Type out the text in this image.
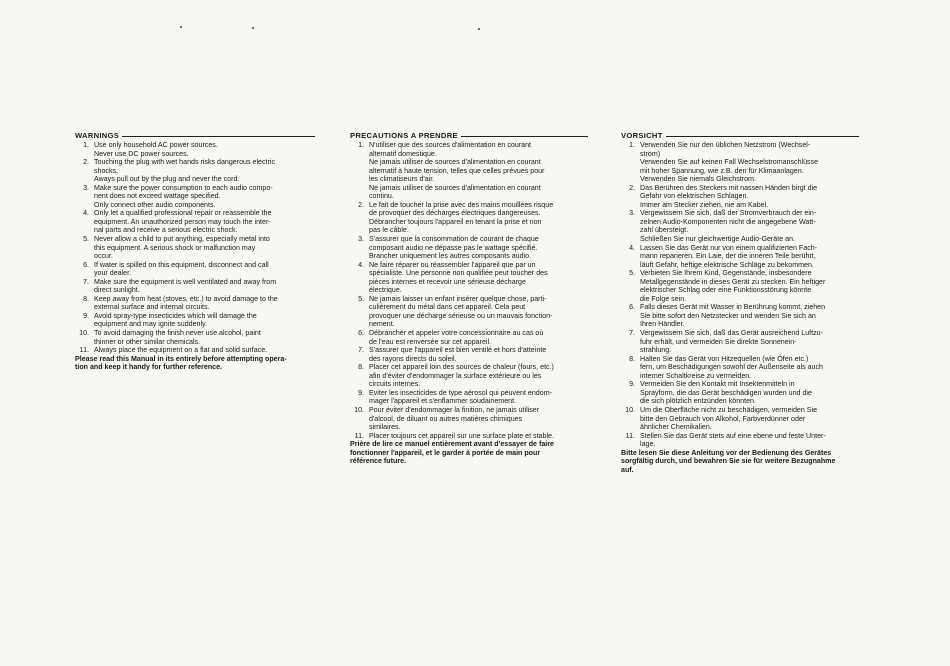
WARNINGS
1. Use only household AC power sources.
Never use DC power sources.
2. Touching the plug with wet hands risks dangerous electric
shocks.
Aways pull out by the plug and never the cord.
3. Make sure the power consumption to each audio compo-
nent does not exceed wattage specified.
Only connect other audio components.
4. Only let a qualified professional repair or reassemble the
equipment. An unauthorized person may touch the inter-
nal parts and receive a serious electric shock.
5. Never allow a child to put anything, especially metal into
this equipment. A serious shock or malfunction may
occur.
6. If water is spilled on this equipment, disconnect and call
your dealer.
7. Make sure the equipment is well ventilated and away from
direct sunlight.
8. Keep away from heat (stoves, etc.) to avoid damage to the
external surface and internal circuits.
9. Avoid spray-type insecticides which will damage the
equipment and may ignite suddenly.
10. To avoid damaging the finish never use alcohol, paint
thinner or other similar chemicals.
11. Always place the equipment on a flat and solid surface.
Please read this Manual in its entirely before attempting opera-
tion and keep it handy for further reference.
PRECAUTIONS A PRENDRE
1. N'utiliser que des sources d'alimentation en courant
alternatif domestique.
Ne jamais utiliser de sources d'alimentation en courant
alternatif à haute tension, telles que celles prévues pour
les climatiseurs d'air.
Ne jamais utiliser de sources d'alimentation en courant
continu.
2. Le fait de toucher la prise avec des mains mouillées risque
de provoquer des décharges électriques dangereuses.
Débrancher toujours l'appareil en tenant la prise et non
pas le câble.
3. S'assurer que la consommation de courant de chaque
composant audio ne dépasse pas le wattage spécifié.
Brancher uniquement les autres composants audio.
4. Ne faire réparer ou réassembler l'appareil que par un
spécialiste. Une personne non qualifiée peut toucher des
pièces internes et recevoir une sérieuse décharge
électrique.
5. Ne jamais laisser un enfant insérer quelque chose, parti-
culièrement du métal dans cet appareil. Cela peut
provoquer une décharge sérieuse ou un mauvais fonction-
nement.
6. Débrancher et appeler votre concessionnaire au cas où
de l'eau est renversée sur cet appareil.
7. S'assurer que l'appareil est bien ventilé et hors d'atteinte
des rayons directs du soleil.
8. Placer cet appareil loin des sources de chaleur (fours, etc.)
afin d'éviter d'endommager la surface extérieure ou les
circuits internes.
9. Eviter les insecticides de type aérosol qui peuvent endom-
mager l'appareil et s'enflammer soudainement.
10. Pour éviter d'endommager la finition, ne jamais utiliser
d'alcool, de diluant ou autres matières chimiques
similaires.
11. Placer toujours cet appareil sur une surface plate et stable.
Prière de lire ce manuel entièrement avant d'essayer de faire
fonctionner l'appareil, et le garder à portée de main pour
référence future.
VORSICHT
1. Verwenden Sie nur den üblichen Netzstrom (Wechsel-
strom)
Verwenden Sie auf keinen Fall Wechselstromanschlüsse
mit hoher Spannung, wie z.B. den für Klimaanlagen.
Verwenden Sie niemals Gleichstrom.
2. Das Berühren des Steckers mit nassen Händen birgt die
Gefahr von elektrischen Schlagen.
Immer am Stecker ziehen, nie am Kabel.
3. Vergewissern Sie sich, daß der Stromverbrauch der ein-
zelnen Audio-Komponenten nicht die angegebene Watt-
zahl übersteigt.
Schließen Sie nur gleichwertige Audio-Geräte an.
4. Lassen Sie das Gerät nur von einem qualifizierten Fach-
mann reparieren. Ein Laie, der die inneren Teile berührt,
läuft Gefahr, heftige elektrische Schläge zu bekommen.
5. Verbieten Sie Ihrem Kind, Gegenstände, insbesondere
Metallgegenstände in dieses Gerät zu stecken. Ein heftiger
elektrischer Schlag oder eine Funktionsstörung könnte
die Folge sein.
6. Falls dieses Gerät mit Wasser in Berührung kommt, ziehen
Sie bitte sofort den Netzstecker und wenden Sie sich an
Ihren Händler.
7. Vergewissern Sie sich, daß das Gerät ausreichend Luftzu-
fuhr erhält, und vermeiden Sie direkte Sonnenein-
strahlung.
8. Halten Sie das Gerät von Hitzequellen (wie Öfen etc.)
fern, um Beschädigungen sowohl der Außenseite als auch
interner Schaltkreise zu vermeiden.
9. Vermeiden Sie den Kontakt mit Insektenmitteln in
Sprayform, die das Gerät beschädigen wurden und die
die sich plötzlich entzünden könnten.
10. Um die Oberfläche nicht zu beschädigen, vermeiden Sie
bitte den Gebrauch von Alkohol, Farbverdünner oder
ähnlicher Chemikalien.
11. Stellen Sie das Gerät stets auf eine ebene und feste Unter-
lage.
Bitte lesen Sie diese Anleitung vor der Bedienung des Gerätes
sorgfältig durch, und bewahren Sie sie für weitere Bezugnahme
auf.
